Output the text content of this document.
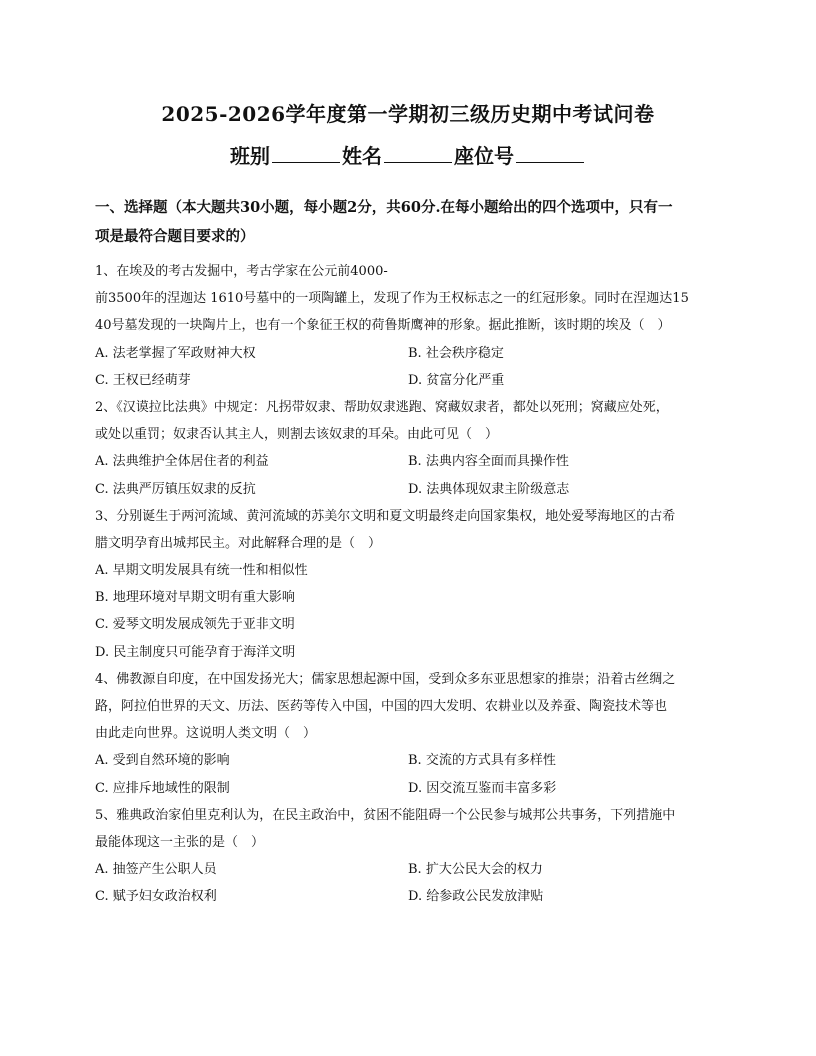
2025-2026学年度第一学期初三级历史期中考试问卷
班别	姓名	座位号
一、选择题（本大题共30小题，每小题2分，共60分.在每小题给出的四个选项中，只有一
项是最符合题目要求的）
1、在埃及的考古发掘中，考古学家在公元前4000-
前3500年的涅迦达 1610号墓中的一项陶罐上，发现了作为王权标志之一的红冠形象。同时在涅迦达15
40号墓发现的一块陶片上，也有一个象征王权的荷鲁斯鹰神的形象。据此推断，该时期的埃及（　）
A. 法老掌握了军政财神大权	B. 社会秩序稳定
C. 王权已经萌芽	D. 贫富分化严重
2、《汉谟拉比法典》中规定：凡拐带奴隶、帮助奴隶逃跑、窝藏奴隶者，都处以死刑；窝藏应处死，
或处以重罚；奴隶否认其主人，则割去该奴隶的耳朵。由此可见（　）
A. 法典维护全体居住者的利益	B. 法典内容全面而具操作性
C. 法典严厉镇压奴隶的反抗	D. 法典体现奴隶主阶级意志
3、分别诞生于两河流域、黄河流域的苏美尔文明和夏文明最终走向国家集权，地处爱琴海地区的古希
腊文明孕育出城邦民主。对此解释合理的是（　）
A. 早期文明发展具有统一性和相似性
B. 地理环境对早期文明有重大影响
C. 爱琴文明发展成领先于亚非文明
D. 民主制度只可能孕育于海洋文明
4、佛教源自印度，在中国发扬光大；儒家思想起源中国，受到众多东亚思想家的推崇；沿着古丝绸之
路，阿拉伯世界的天文、历法、医药等传入中国，中国的四大发明、农耕业以及养蚕、陶瓷技术等也
由此走向世界。这说明人类文明（　）
A. 受到自然环境的影响	B. 交流的方式具有多样性
C. 应排斥地域性的限制	D. 因交流互鉴而丰富多彩
5、雅典政治家伯里克利认为，在民主政治中，贫困不能阻碍一个公民参与城邦公共事务，下列措施中
最能体现这一主张的是（　）
A. 抽签产生公职人员	B. 扩大公民大会的权力
C. 赋予妇女政治权利	D. 给参政公民发放津贴
